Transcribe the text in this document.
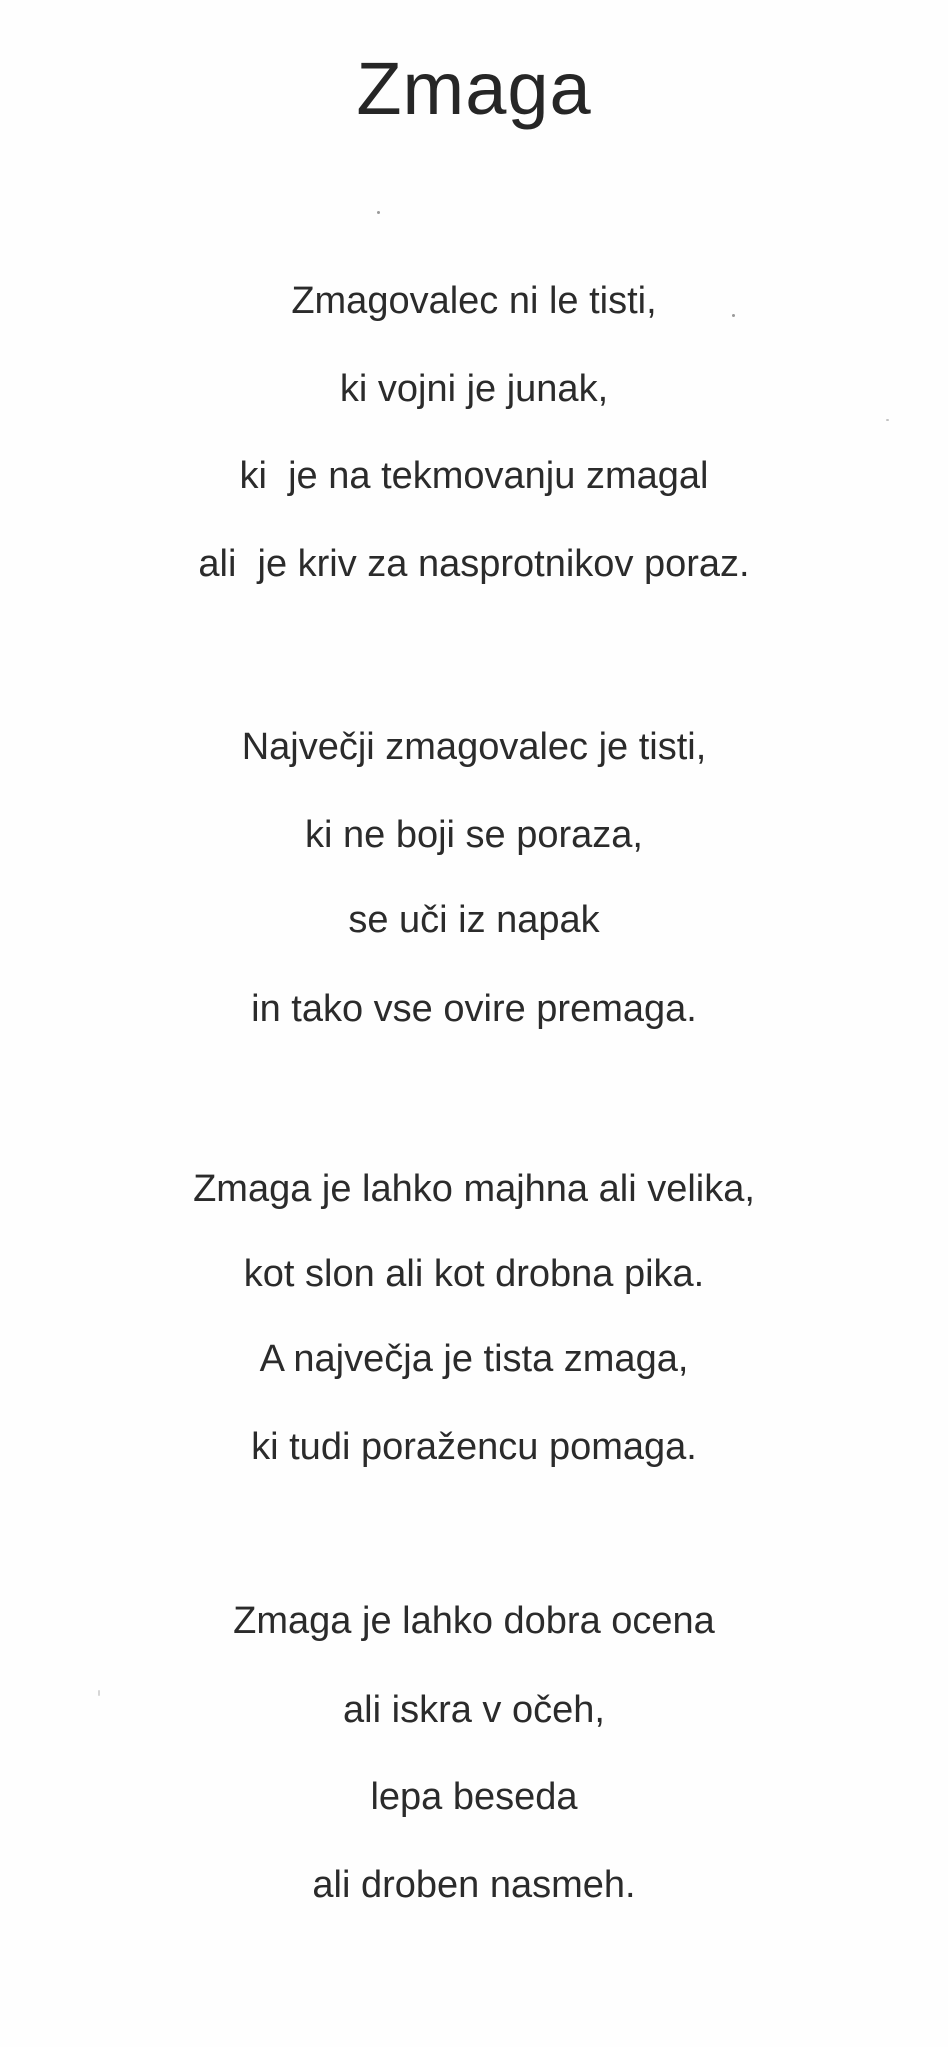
Zmaga

Zmagovalec ni le tisti,

ki vojni je junak,

ki  je na tekmovanju zmagal

ali  je kriv za nasprotnikov poraz.

Največji zmagovalec je tisti,

ki ne boji se poraza,

se uči iz napak

in tako vse ovire premaga.

Zmaga je lahko majhna ali velika,

kot slon ali kot drobna pika.

A največja je tista zmaga,

ki tudi poražencu pomaga.

Zmaga je lahko dobra ocena

ali iskra v očeh,

lepa beseda

ali droben nasmeh.
